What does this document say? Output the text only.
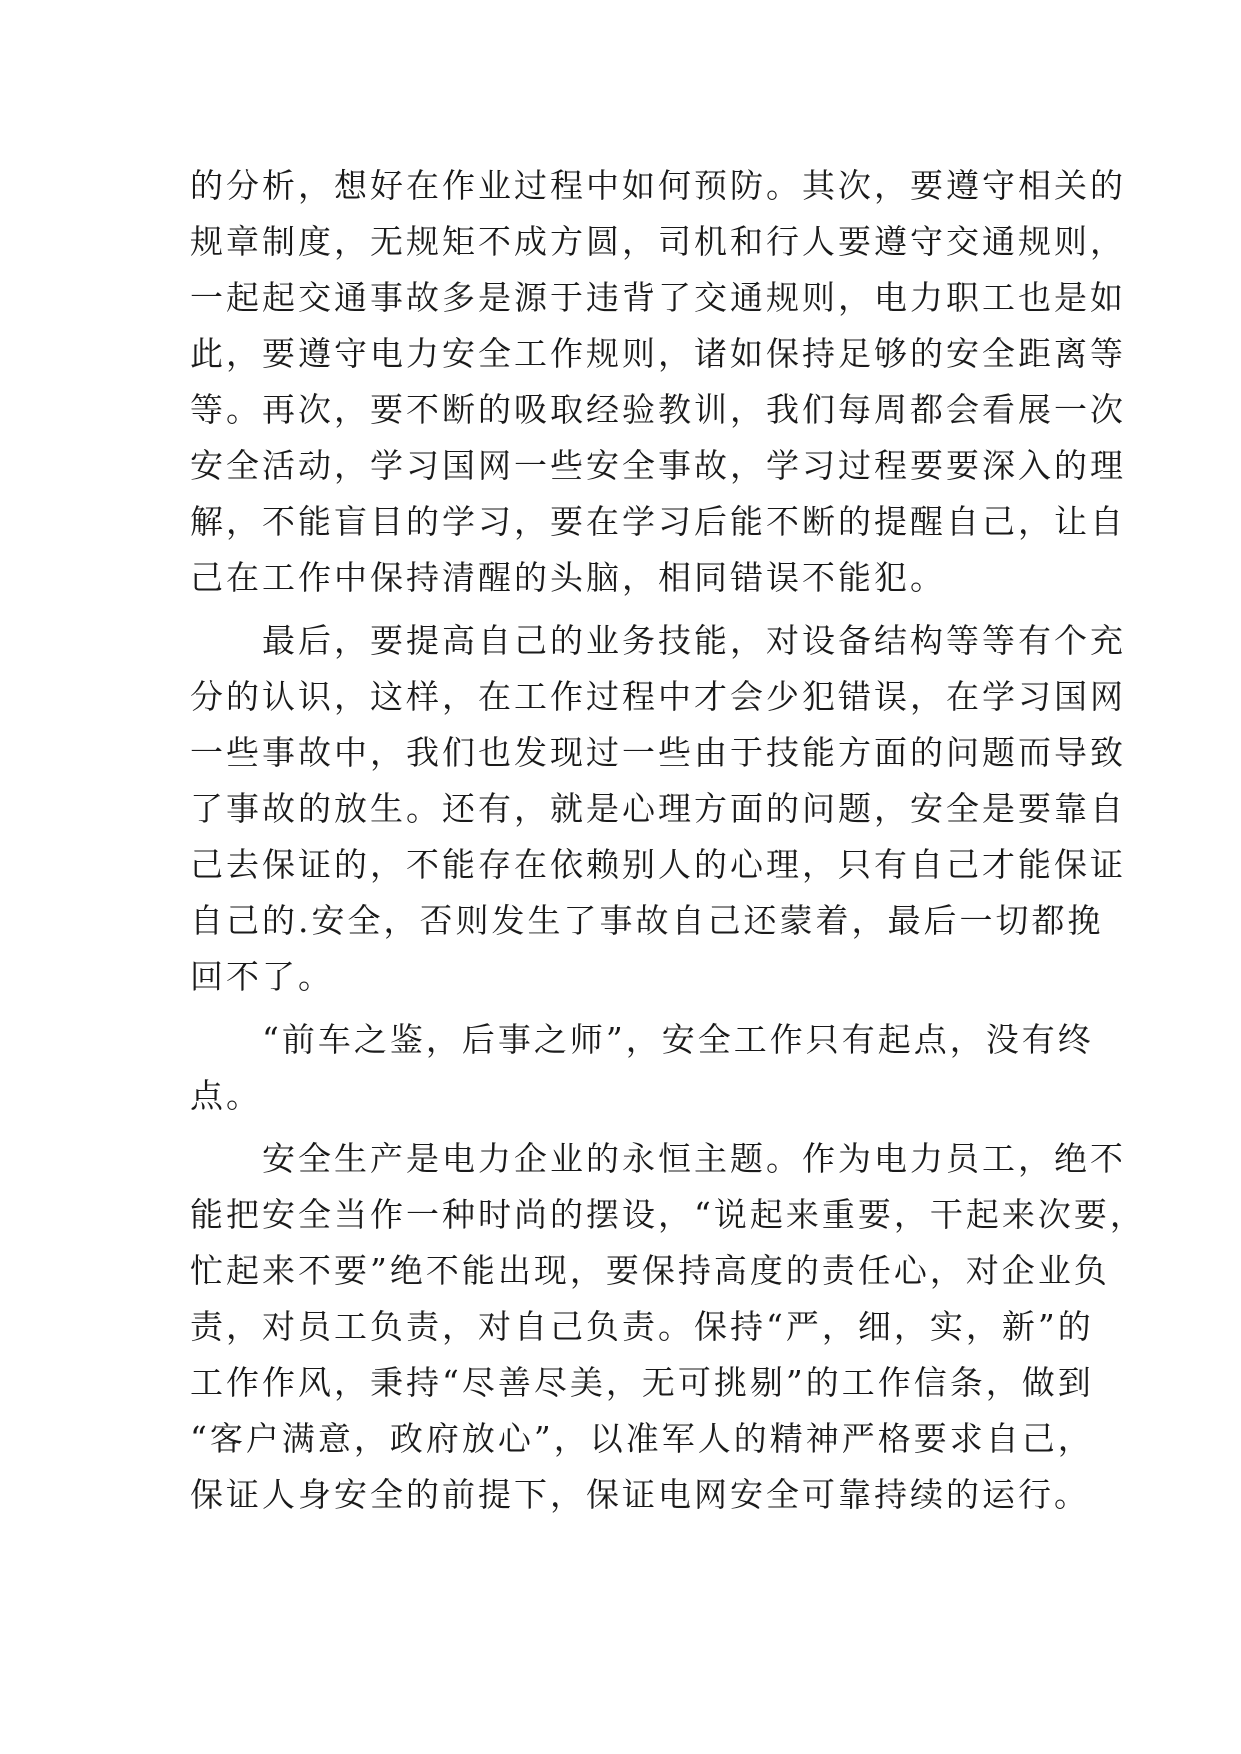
的分析，想好在作业过程中如何预防。其次，要遵守相关的
规章制度，无规矩不成方圆，司机和行人要遵守交通规则，
一起起交通事故多是源于违背了交通规则，电力职工也是如
此，要遵守电力安全工作规则，诸如保持足够的安全距离等
等。再次，要不断的吸取经验教训，我们每周都会看展一次
安全活动，学习国网一些安全事故，学习过程要要深入的理
解，不能盲目的学习，要在学习后能不断的提醒自己，让自
己在工作中保持清醒的头脑，相同错误不能犯。
　　最后，要提高自己的业务技能，对设备结构等等有个充
分的认识，这样，在工作过程中才会少犯错误，在学习国网
一些事故中，我们也发现过一些由于技能方面的问题而导致
了事故的放生。还有，就是心理方面的问题，安全是要靠自
己去保证的，不能存在依赖别人的心理，只有自己才能保证
自己的.安全，否则发生了事故自己还蒙着，最后一切都挽
回不了。
　　“前车之鉴，后事之师”，安全工作只有起点，没有终
点。
　　安全生产是电力企业的永恒主题。作为电力员工，绝不
能把安全当作一种时尚的摆设，“说起来重要，干起来次要，
忙起来不要”绝不能出现，要保持高度的责任心，对企业负
责，对员工负责，对自己负责。保持“严，细，实，新”的
工作作风，秉持“尽善尽美，无可挑剔”的工作信条，做到
“客户满意，政府放心”，以准军人的精神严格要求自己，
保证人身安全的前提下，保证电网安全可靠持续的运行。
